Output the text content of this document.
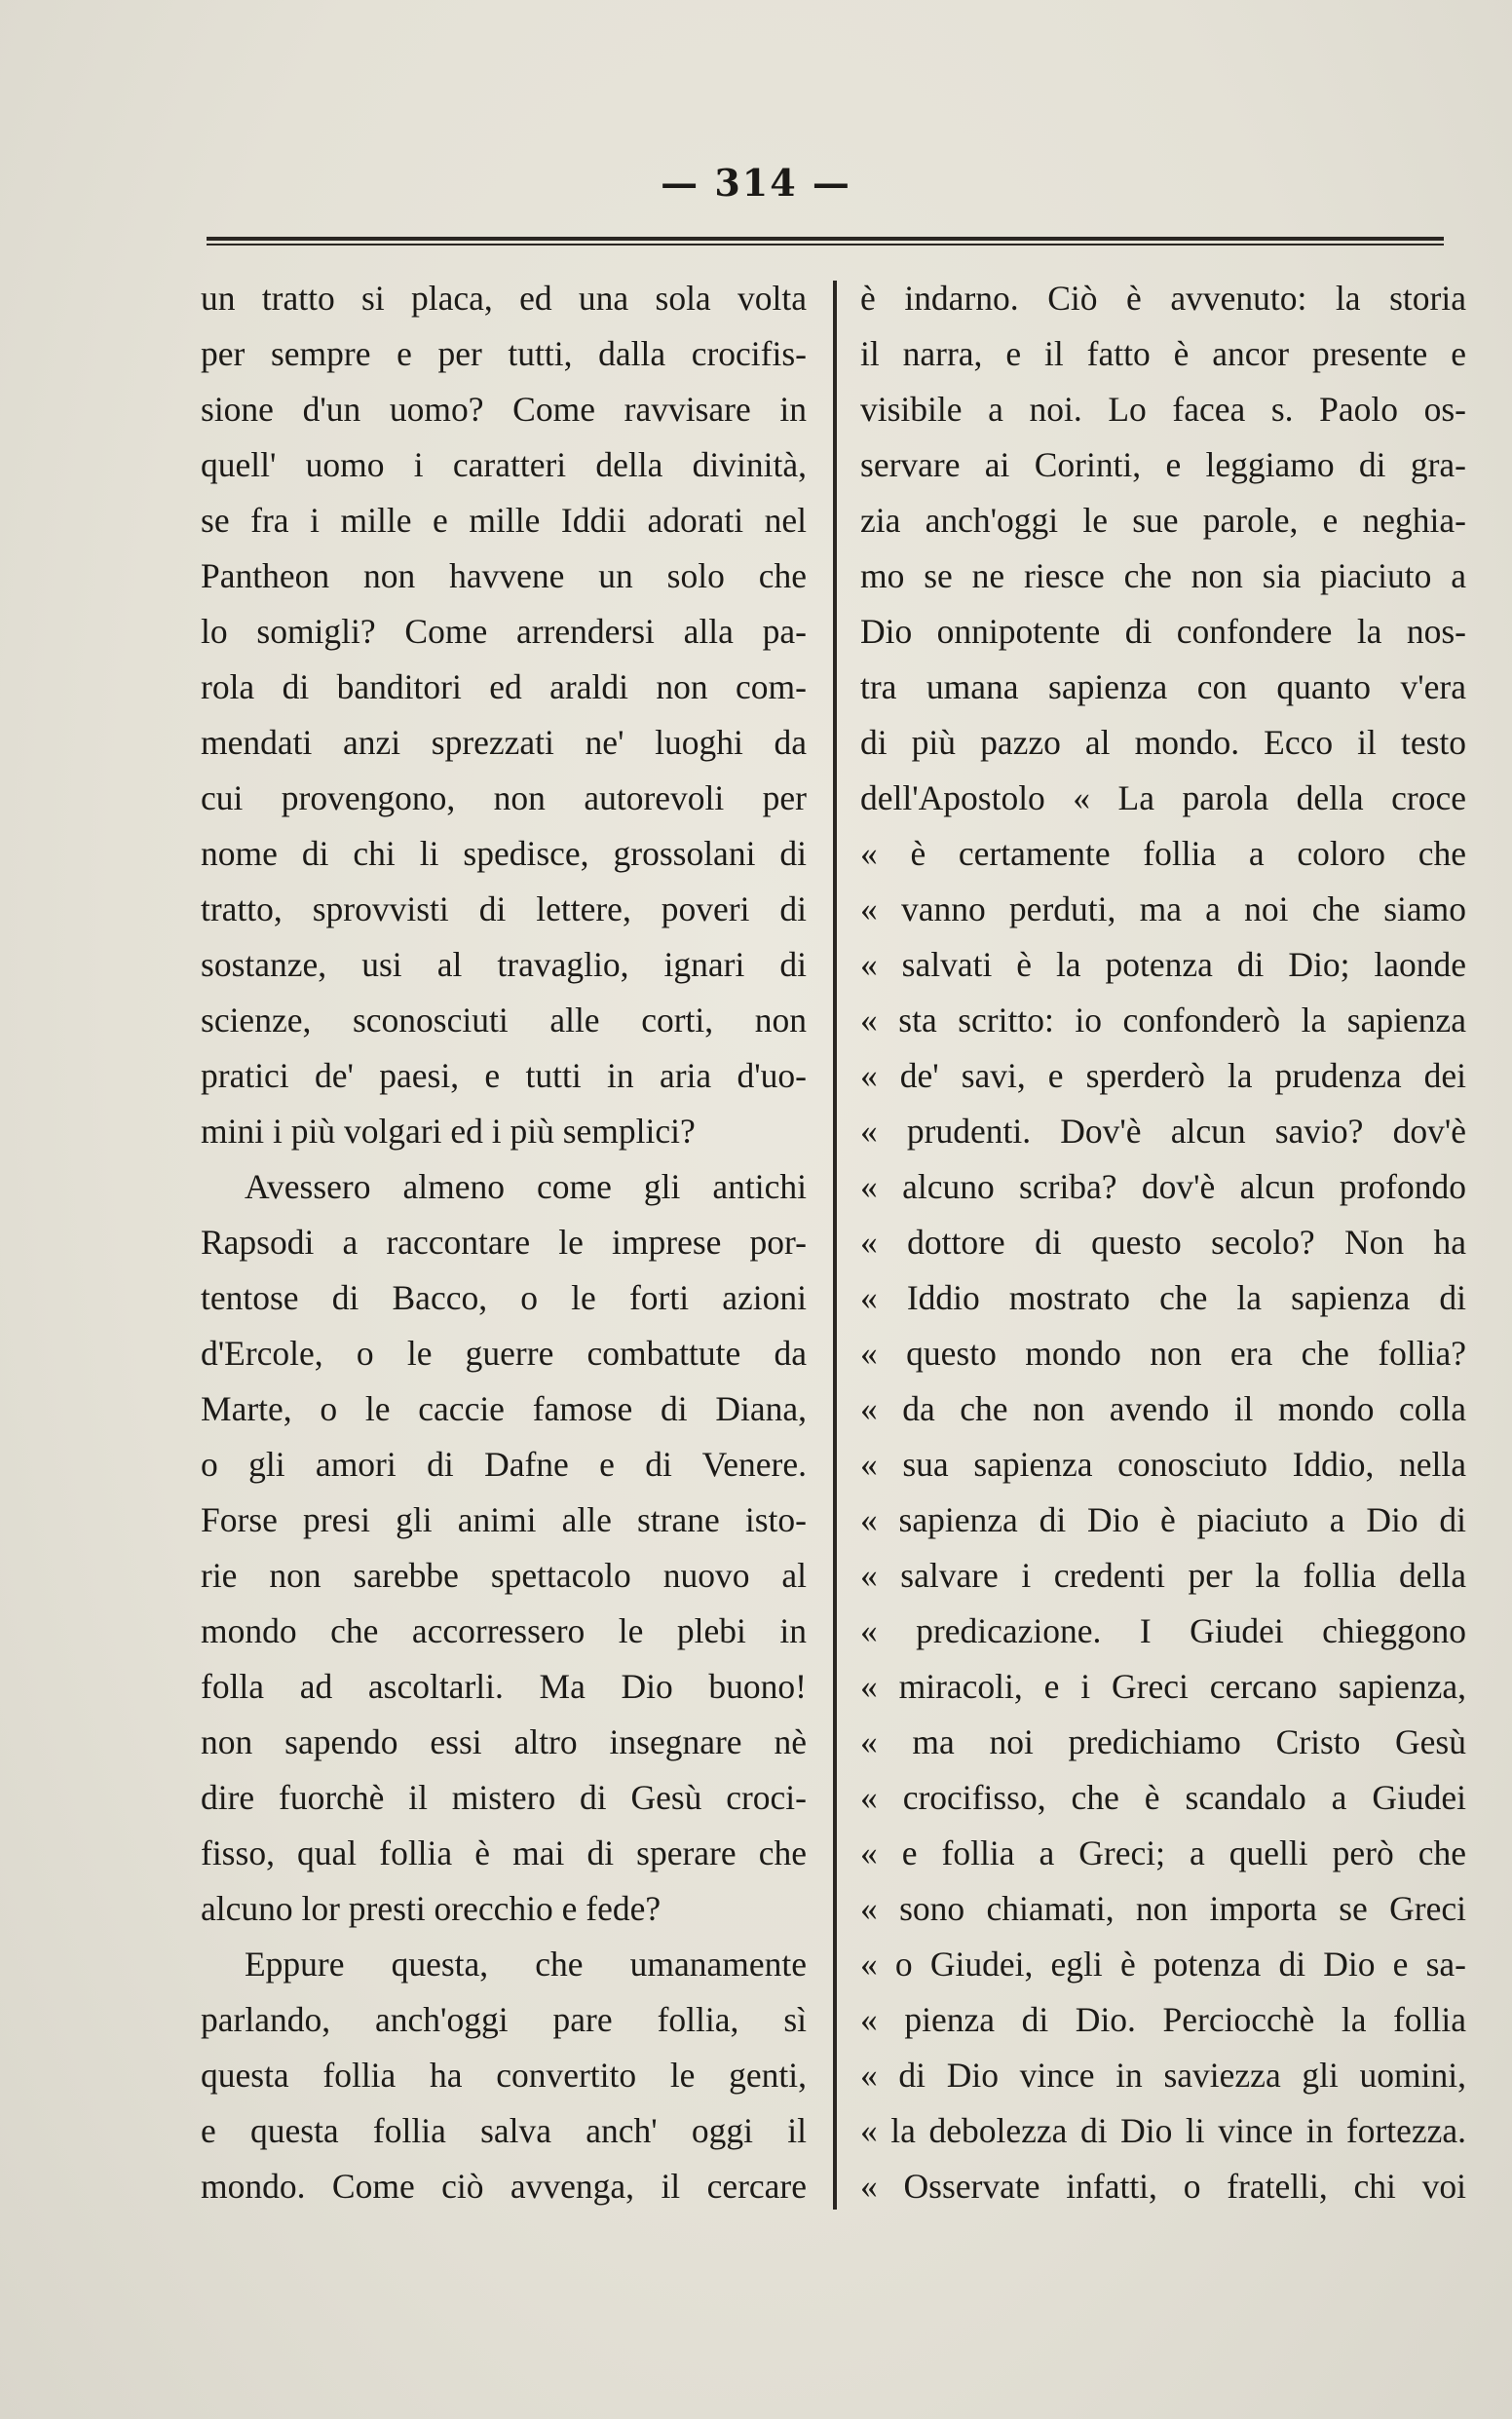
— 314 —
un tratto si placa, ed una sola volta
per sempre e per tutti, dalla crocifis-
sione d'un uomo? Come ravvisare in
quell' uomo i caratteri della divinità,
se fra i mille e mille Iddii adorati nel
Pantheon non havvene un solo che
lo somigli? Come arrendersi alla pa-
rola di banditori ed araldi non com-
mendati anzi sprezzati ne' luoghi da
cui provengono, non autorevoli per
nome di chi li spedisce, grossolani di
tratto, sprovvisti di lettere, poveri di
sostanze, usi al travaglio, ignari di
scienze, sconosciuti alle corti, non
pratici de' paesi, e tutti in aria d'uo-
mini i più volgari ed i più semplici?
Avessero almeno come gli antichi
Rapsodi a raccontare le imprese por-
tentose di Bacco, o le forti azioni
d'Ercole, o le guerre combattute da
Marte, o le caccie famose di Diana,
o gli amori di Dafne e di Venere.
Forse presi gli animi alle strane isto-
rie non sarebbe spettacolo nuovo al
mondo che accorressero le plebi in
folla ad ascoltarli. Ma Dio buono!
non sapendo essi altro insegnare nè
dire fuorchè il mistero di Gesù croci-
fisso, qual follia è mai di sperare che
alcuno lor presti orecchio e fede?
Eppure questa, che umanamente
parlando, anch'oggi pare follia, sì
questa follia ha convertito le genti,
e questa follia salva anch' oggi il
mondo. Come ciò avvenga, il cercare
è indarno. Ciò è avvenuto: la storia
il narra, e il fatto è ancor presente e
visibile a noi. Lo facea s. Paolo os-
servare ai Corinti, e leggiamo di gra-
zia anch'oggi le sue parole, e neghia-
mo se ne riesce che non sia piaciuto a
Dio onnipotente di confondere la nos-
tra umana sapienza con quanto v'era
di più pazzo al mondo. Ecco il testo
dell'Apostolo « La parola della croce
« è certamente follia a coloro che
« vanno perduti, ma a noi che siamo
« salvati è la potenza di Dio; laonde
« sta scritto: io confonderò la sapienza
« de' savi, e sperderò la prudenza dei
« prudenti. Dov'è alcun savio? dov'è
« alcuno scriba? dov'è alcun profondo
« dottore di questo secolo? Non ha
« Iddio mostrato che la sapienza di
« questo mondo non era che follia?
« da che non avendo il mondo colla
« sua sapienza conosciuto Iddio, nella
« sapienza di Dio è piaciuto a Dio di
« salvare i credenti per la follia della
« predicazione. I Giudei chieggono
« miracoli, e i Greci cercano sapienza,
« ma noi predichiamo Cristo Gesù
« crocifisso, che è scandalo a Giudei
« e follia a Greci; a quelli però che
« sono chiamati, non importa se Greci
« o Giudei, egli è potenza di Dio e sa-
« pienza di Dio. Perciocchè la follia
« di Dio vince in saviezza gli uomini,
« la debolezza di Dio li vince in fortezza.
« Osservate infatti, o fratelli, chi voi
